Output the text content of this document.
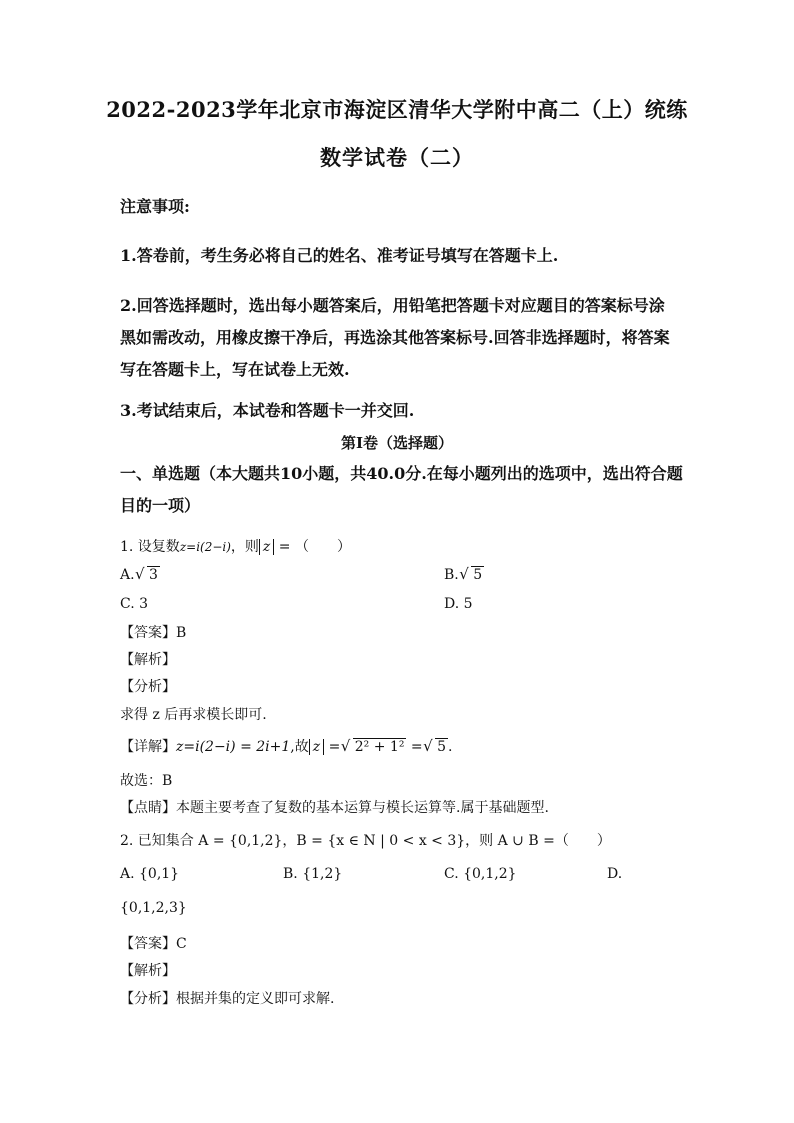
2022-2023学年北京市海淀区清华大学附中高二（上）统练
数学试卷（二）
注意事项:
1.答卷前，考生务必将自己的姓名、准考证号填写在答题卡上.
2.回答选择题时，选出每小题答案后，用铅笔把答题卡对应题目的答案标号涂黑如需改动，用橡皮擦干净后，再选涂其他答案标号.回答非选择题时，将答案写在答题卡上，写在试卷上无效.
3.考试结束后，本试卷和答题卡一并交回.
第I卷（选择题）
一、单选题（本大题共10小题，共40.0分.在每小题列出的选项中，选出符合题目的一项）
1. 设复数z=i(2−i)，则 z = （　　）
A. √ 3	B. √ 5
C. 3	D. 5
【答案】B
【解析】
【分析】
求得 z 后再求模长即可.
【详解】z=i(2−i) = 2i+1,故 z = √ 2² + 1² = √ 5 .
故选：B
【点睛】本题主要考查了复数的基本运算与模长运算等.属于基础题型.
2. 已知集合 A = {0,1,2}，B = {x ∈ N | 0 < x < 3}，则 A ∪ B =（　　）
A. {0,1}	B. {1,2}	C. {0,1,2}	D.
{0,1,2,3}
【答案】C
【解析】
【分析】根据并集的定义即可求解.
